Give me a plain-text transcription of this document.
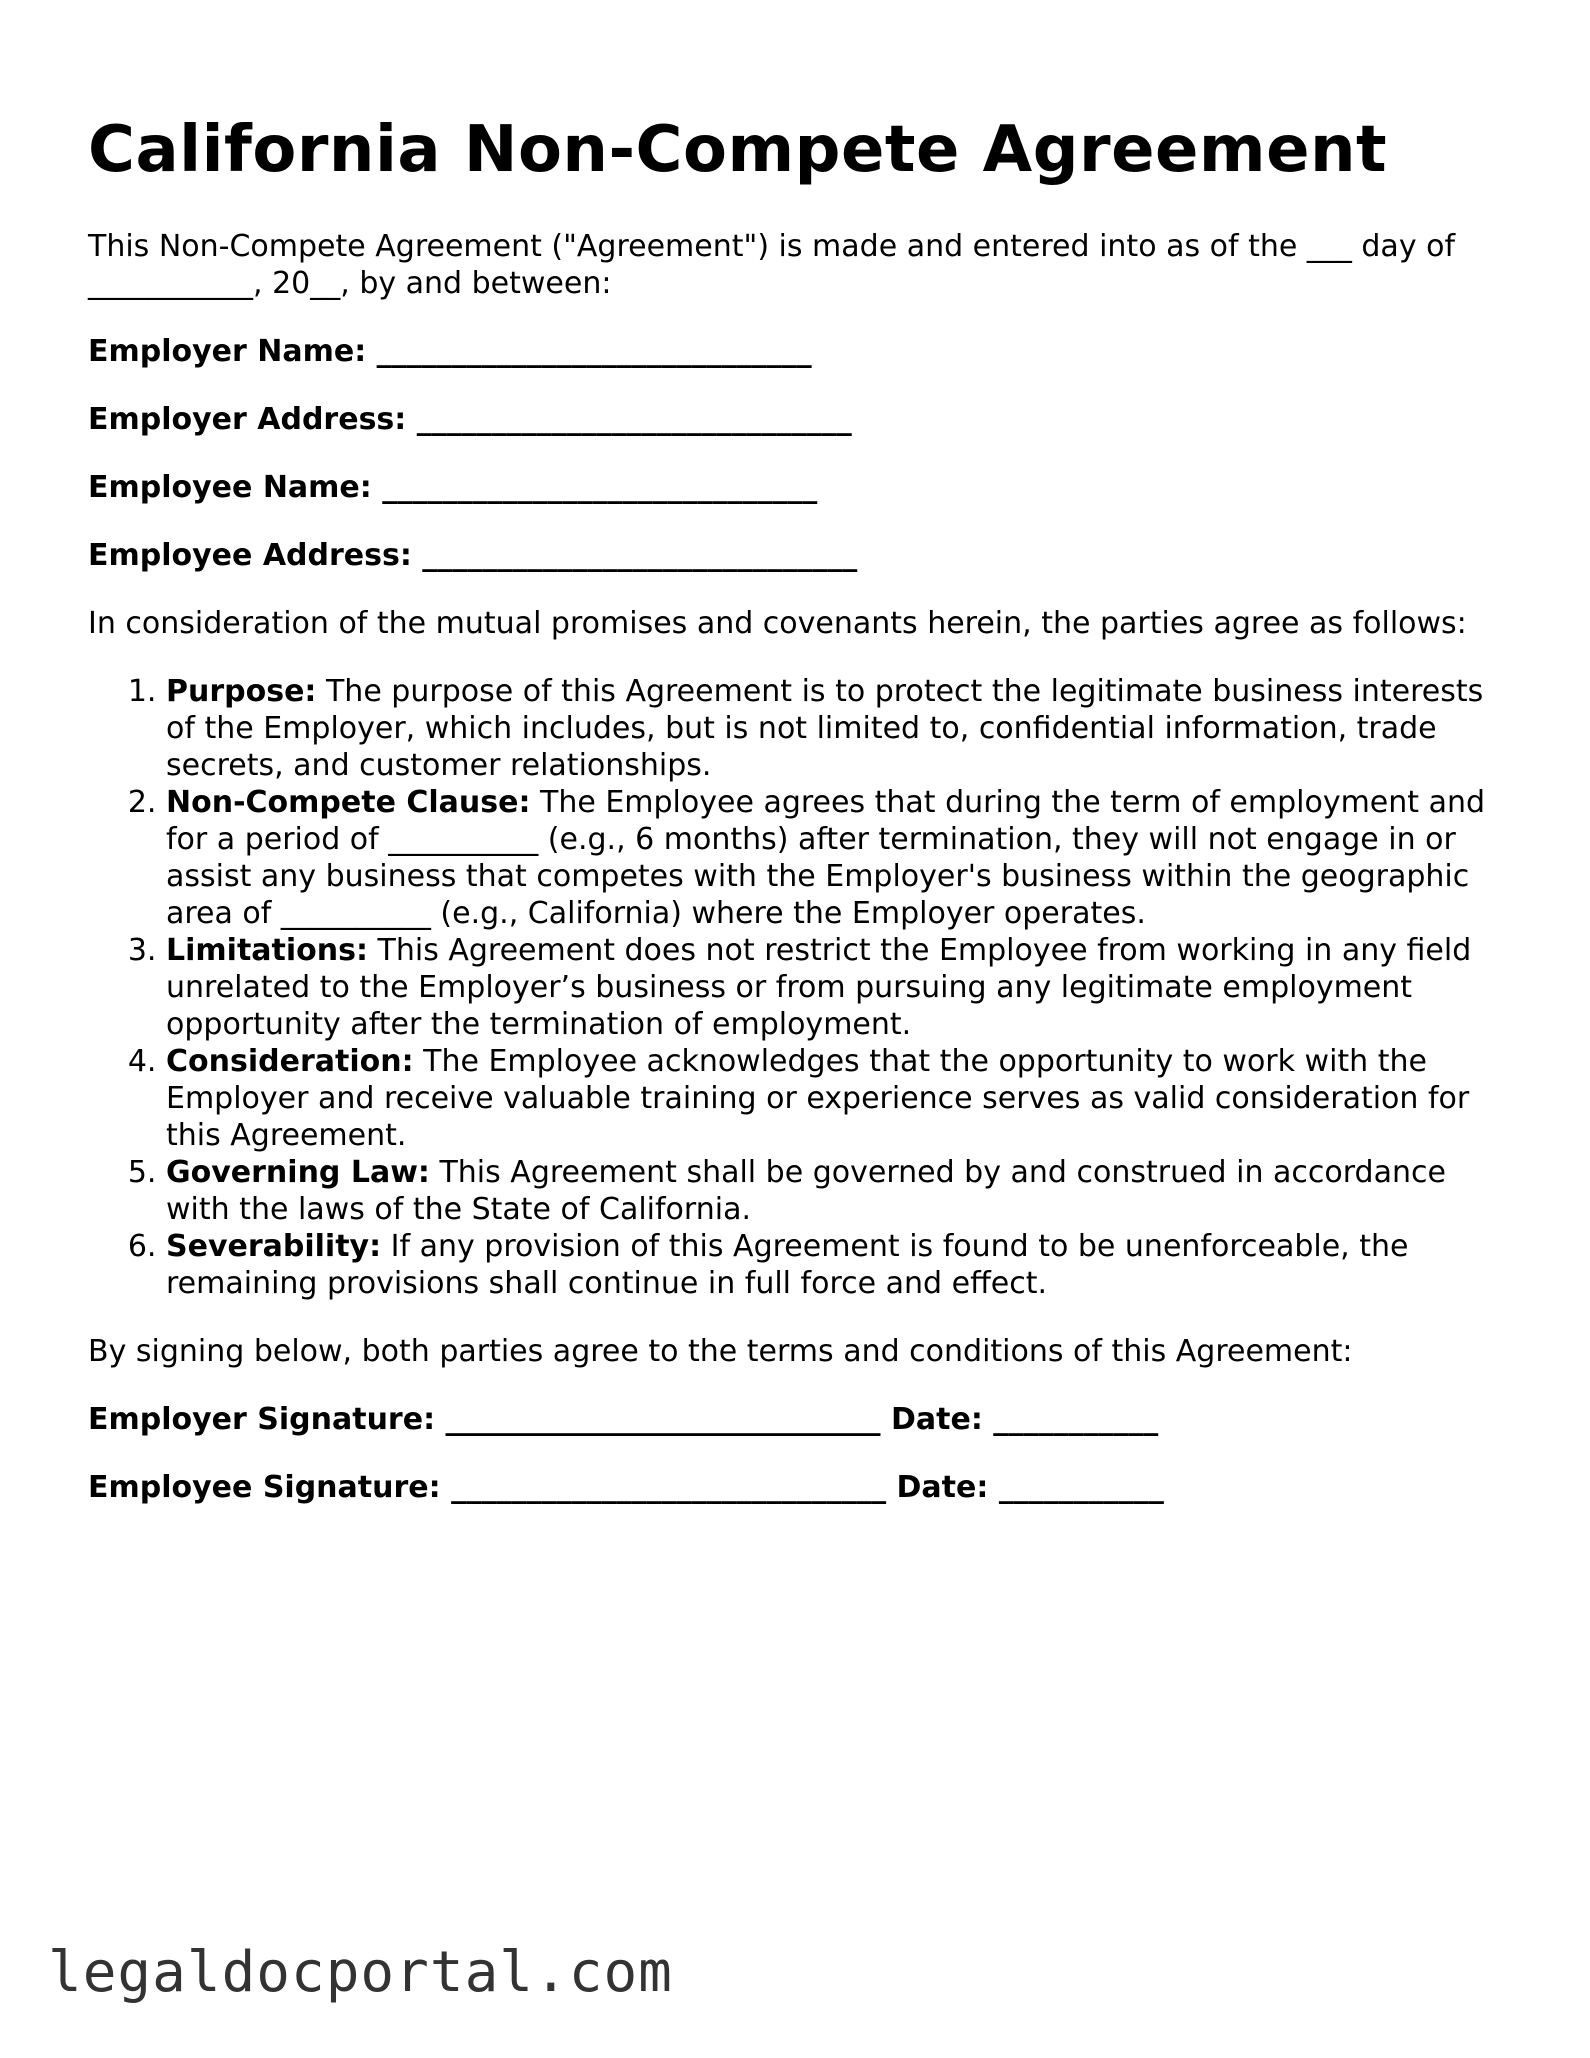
California Non-Compete Agreement

This Non-Compete Agreement ("Agreement") is made and entered into as of the ___ day of ___________, 20__, by and between:

Employer Name: _____________________________

Employer Address: _____________________________

Employee Name: _____________________________

Employee Address: _____________________________

In consideration of the mutual promises and covenants herein, the parties agree as follows:

1. Purpose: The purpose of this Agreement is to protect the legitimate business interests of the Employer, which includes, but is not limited to, confidential information, trade secrets, and customer relationships.
2. Non-Compete Clause: The Employee agrees that during the term of employment and for a period of __________ (e.g., 6 months) after termination, they will not engage in or assist any business that competes with the Employer's business within the geographic area of __________ (e.g., California) where the Employer operates.
3. Limitations: This Agreement does not restrict the Employee from working in any field unrelated to the Employer’s business or from pursuing any legitimate employment opportunity after the termination of employment.
4. Consideration: The Employee acknowledges that the opportunity to work with the Employer and receive valuable training or experience serves as valid consideration for this Agreement.
5. Governing Law: This Agreement shall be governed by and construed in accordance with the laws of the State of California.
6. Severability: If any provision of this Agreement is found to be unenforceable, the remaining provisions shall continue in full force and effect.

By signing below, both parties agree to the terms and conditions of this Agreement:

Employer Signature: _____________________________ Date: ___________

Employee Signature: _____________________________ Date: ___________

legaldocportal.com
